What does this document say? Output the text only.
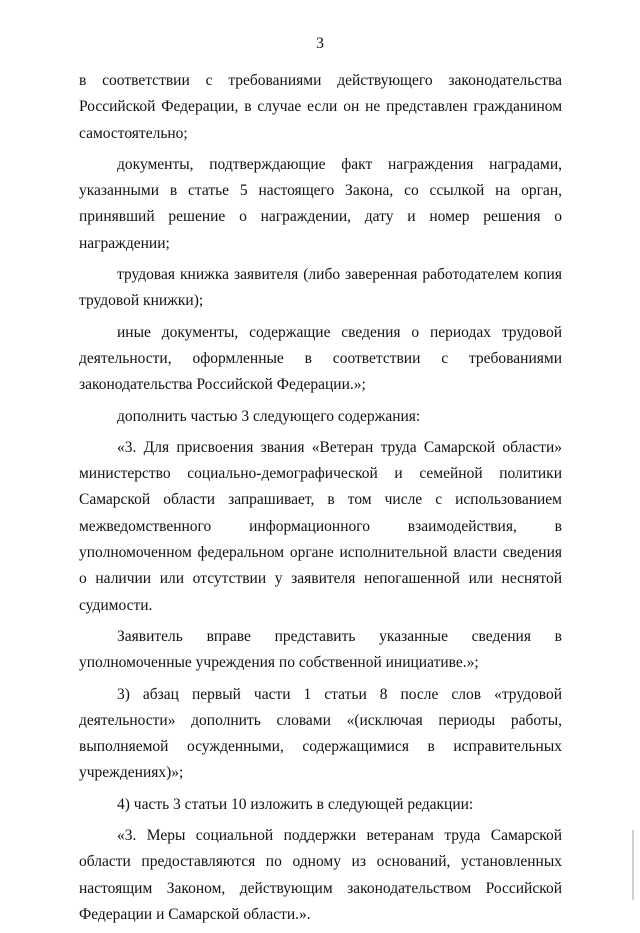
3

в соответствии с требованиями действующего законодательства Российской Федерации, в случае если он не представлен гражданином самостоятельно;

документы, подтверждающие факт награждения наградами, указанными в статье 5 настоящего Закона, со ссылкой на орган, принявший решение о награждении, дату и номер решения о награждении;

трудовая книжка заявителя (либо заверенная работодателем копия трудовой книжки);

иные документы, содержащие сведения о периодах трудовой деятельности, оформленные в соответствии с требованиями законодательства Российской Федерации.»;

дополнить частью 3 следующего содержания:

«3. Для присвоения звания «Ветеран труда Самарской области» министерство социально-демографической и семейной политики Самарской области запрашивает, в том числе с использованием межведомственного информационного взаимодействия, в уполномоченном федеральном органе исполнительной власти сведения о наличии или отсутствии у заявителя непогашенной или неснятой судимости.

Заявитель вправе представить указанные сведения в уполномоченные учреждения по собственной инициативе.»;

3) абзац первый части 1 статьи 8 после слов «трудовой деятельности» дополнить словами «(исключая периоды работы, выполняемой осужденными, содержащимися в исправительных учреждениях)»;

4) часть 3 статьи 10 изложить в следующей редакции:

«3. Меры социальной поддержки ветеранам труда Самарской области предоставляются по одному из оснований, установленных настоящим Законом, действующим законодательством Российской Федерации и Самарской области.».
